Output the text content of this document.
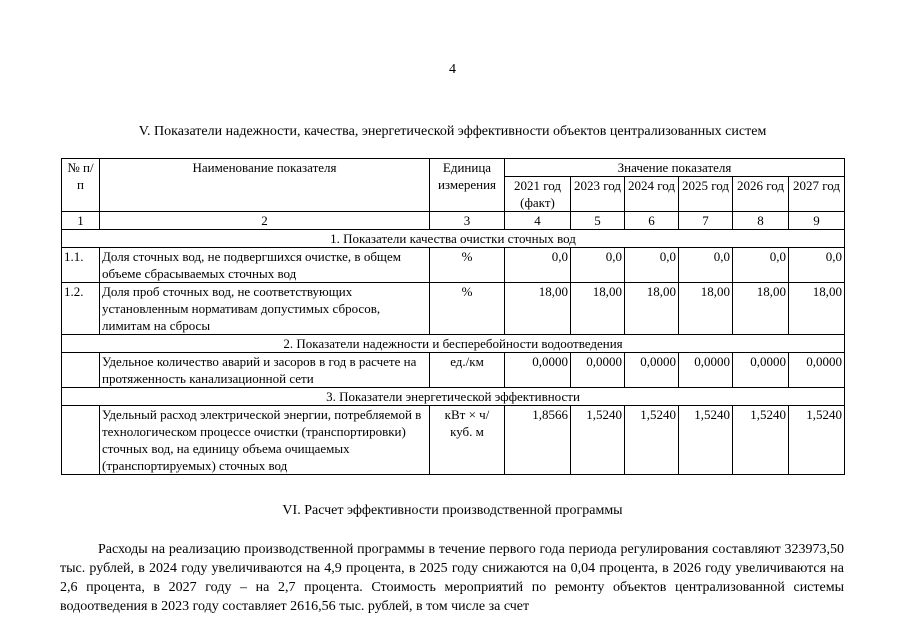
4
V. Показатели надежности, качества, энергетической эффективности объектов централизованных систем
№ п/п	Наименование показателя	Единица измерения	Значение показателя					
			2021 год (факт)	2023 год	2024 год	2025 год	2026 год	2027 год
1	2	3	4	5	6	7	8	9
1. Показатели качества очистки сточных вод								
1.1.	Доля сточных вод, не подвергшихся очистке, в общем объеме сбрасываемых сточных вод	%	0,0	0,0	0,0	0,0	0,0	0,0
1.2.	Доля проб сточных вод, не соответствующих установленным нормативам допустимых сбросов, лимитам на сбросы	%	18,00	18,00	18,00	18,00	18,00	18,00
2. Показатели надежности и бесперебойности водоотведения								
	Удельное количество аварий и засоров в год в расчете на протяженность канализационной сети	ед./км	0,0000	0,0000	0,0000	0,0000	0,0000	0,0000
3. Показатели энергетической эффективности								
	Удельный расход электрической энергии, потребляемой в технологическом процессе очистки (транспортировки) сточных вод, на единицу объема очищаемых (транспортируемых) сточных вод	кВт × ч/ куб. м	1,8566	1,5240	1,5240	1,5240	1,5240	1,5240
VI. Расчет эффективности производственной программы
Расходы на реализацию производственной программы в течение первого года периода регулирования составляют 323973,50 тыс. рублей, в 2024 году увеличиваются на 4,9 процента, в 2025 году снижаются на 0,04 процента, в 2026 году увеличиваются на 2,6 процента, в 2027 году – на 2,7 процента. Стоимость мероприятий по ремонту объектов централизованной системы водоотведения в 2023 году составляет 2616,56 тыс. рублей, в том числе за счет
